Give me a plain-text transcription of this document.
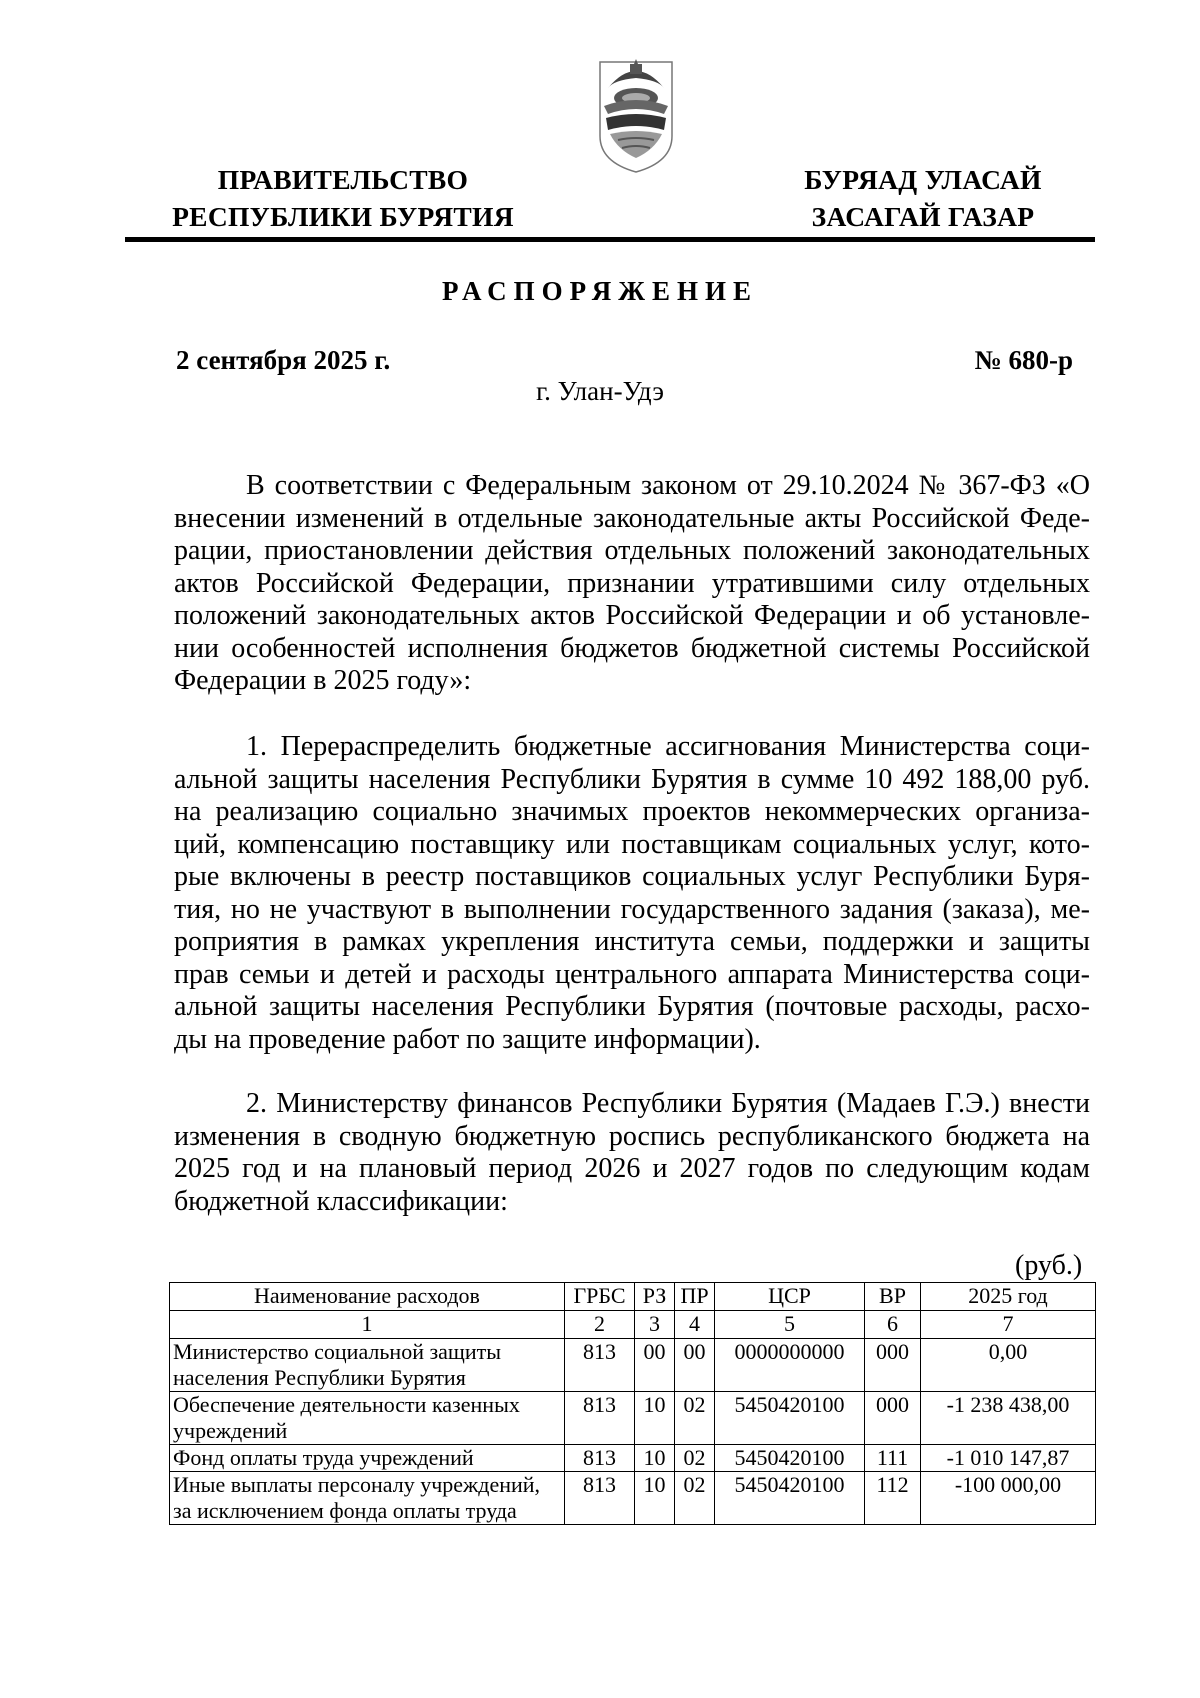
ПРАВИТЕЛЬСТВО
РЕСПУБЛИКИ БУРЯТИЯ
БУРЯАД УЛАСАЙ
ЗАСАГАЙ ГАЗАР
РАСПОРЯЖЕНИЕ
2 сентября 2025 г.	№ 680-р
г. Улан-Удэ
В соответствии с Федеральным законом от 29.10.2024 № 367-ФЗ «О
внесении изменений в отдельные законодательные акты Российской Феде-
рации, приостановлении действия отдельных положений законодательных
актов Российской Федерации, признании утратившими силу отдельных
положений законодательных актов Российской Федерации и об установле-
нии особенностей исполнения бюджетов бюджетной системы Российской
Федерации в 2025 году»:
1. Перераспределить бюджетные ассигнования Министерства соци-
альной защиты населения Республики Бурятия в сумме 10 492 188,00 руб.
на реализацию социально значимых проектов некоммерческих организа-
ций, компенсацию поставщику или поставщикам социальных услуг, кото-
рые включены в реестр поставщиков социальных услуг Республики Буря-
тия, но не участвуют в выполнении государственного задания (заказа), ме-
роприятия в рамках укрепления института семьи, поддержки и защиты
прав семьи и детей и расходы центрального аппарата Министерства соци-
альной защиты населения Республики Бурятия (почтовые расходы, расхо-
ды на проведение работ по защите информации).
2. Министерству финансов Республики Бурятия (Мадаев Г.Э.) внести
изменения в сводную бюджетную роспись республиканского бюджета на
2025 год и на плановый период 2026 и 2027 годов по следующим кодам
бюджетной классификации:
(руб.)
Наименование расходов	ГРБС	РЗ	ПР	ЦСР	ВР	2025 год
1	2	3	4	5	6	7
Министерство социальной защиты населения Республики Бурятия	813	00	00	0000000000	000	0,00
Обеспечение деятельности казенных учреждений	813	10	02	5450420100	000	-1 238 438,00
Фонд оплаты труда учреждений	813	10	02	5450420100	111	-1 010 147,87
Иные выплаты персоналу учреждений, за исключением фонда оплаты труда	813	10	02	5450420100	112	-100 000,00
